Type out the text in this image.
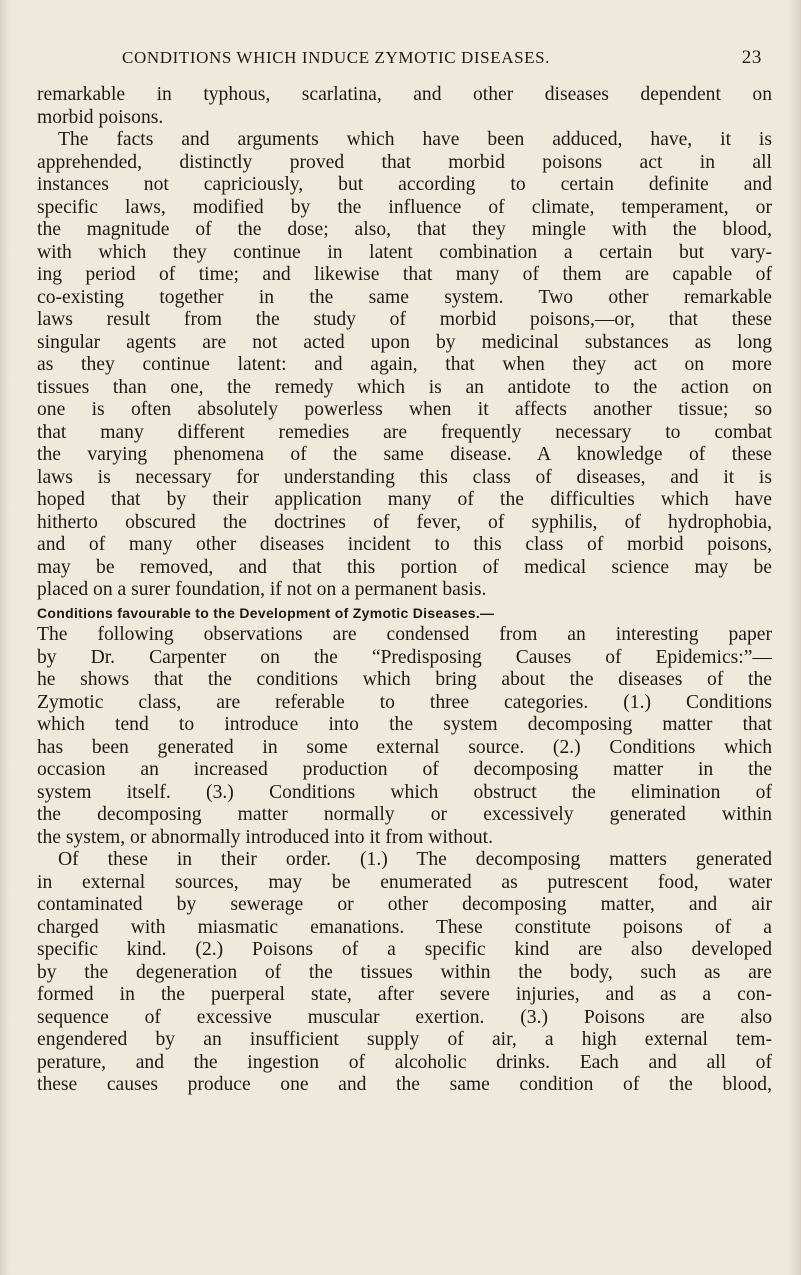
CONDITIONS WHICH INDUCE ZYMOTIC DISEASES.	23
remarkable in typhous, scarlatina, and other diseases dependent on
morbid poisons.
The facts and arguments which have been adduced, have, it is
apprehended, distinctly proved that morbid poisons act in all
instances not capriciously, but according to certain definite and
specific laws, modified by the influence of climate, temperament, or
the magnitude of the dose; also, that they mingle with the blood,
with which they continue in latent combination a certain but vary-
ing period of time; and likewise that many of them are capable of
co-existing together in the same system. Two other remarkable
laws result from the study of morbid poisons,—or, that these
singular agents are not acted upon by medicinal substances as long
as they continue latent: and again, that when they act on more
tissues than one, the remedy which is an antidote to the action on
one is often absolutely powerless when it affects another tissue; so
that many different remedies are frequently necessary to combat
the varying phenomena of the same disease. A knowledge of these
laws is necessary for understanding this class of diseases, and it is
hoped that by their application many of the difficulties which have
hitherto obscured the doctrines of fever, of syphilis, of hydrophobia,
and of many other diseases incident to this class of morbid poisons,
may be removed, and that this portion of medical science may be
placed on a surer foundation, if not on a permanent basis.
Conditions favourable to the Development of Zymotic Diseases.—
The following observations are condensed from an interesting paper
by Dr. Carpenter on the “Predisposing Causes of Epidemics:”—
he shows that the conditions which bring about the diseases of the
Zymotic class, are referable to three categories. (1.) Conditions
which tend to introduce into the system decomposing matter that
has been generated in some external source. (2.) Conditions which
occasion an increased production of decomposing matter in the
system itself. (3.) Conditions which obstruct the elimination of
the decomposing matter normally or excessively generated within
the system, or abnormally introduced into it from without.
Of these in their order. (1.) The decomposing matters generated
in external sources, may be enumerated as putrescent food, water
contaminated by sewerage or other decomposing matter, and air
charged with miasmatic emanations. These constitute poisons of a
specific kind. (2.) Poisons of a specific kind are also developed
by the degeneration of the tissues within the body, such as are
formed in the puerperal state, after severe injuries, and as a con-
sequence of excessive muscular exertion. (3.) Poisons are also
engendered by an insufficient supply of air, a high external tem-
perature, and the ingestion of alcoholic drinks. Each and all of
these causes produce one and the same condition of the blood,
